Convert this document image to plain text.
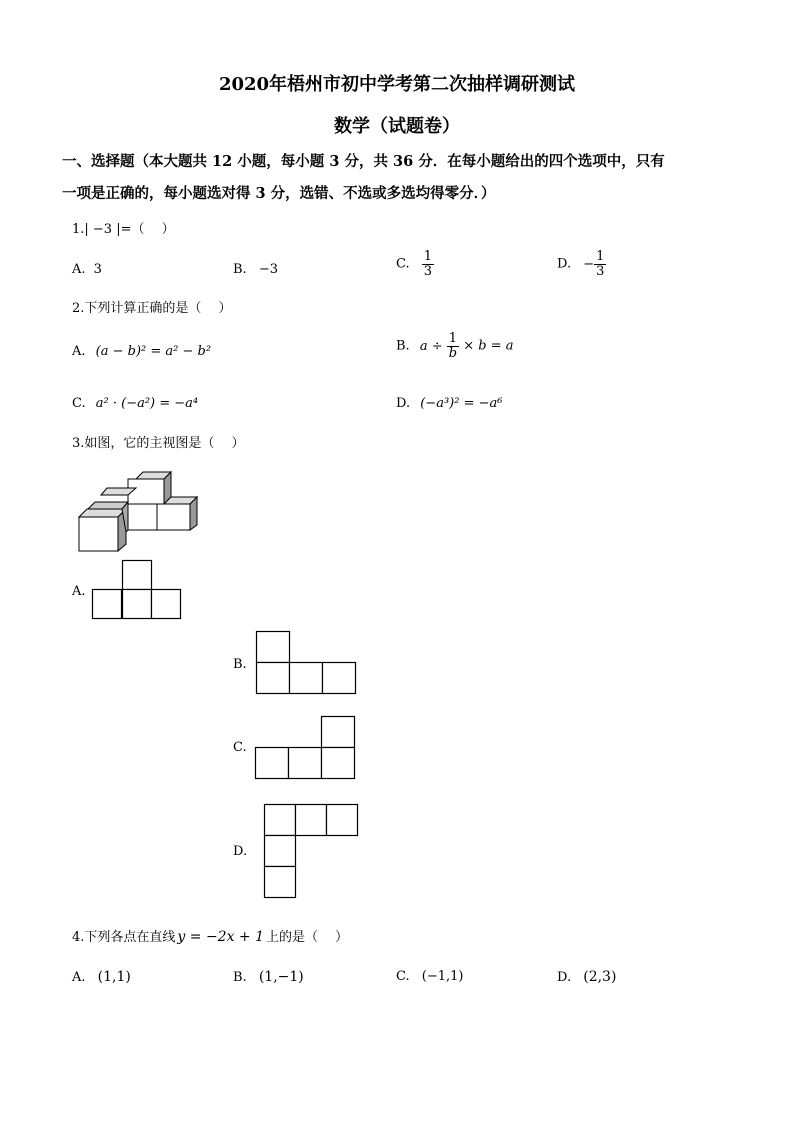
2020年梧州市初中学考第二次抽样调研测试
数学（试题卷）
一、选择题（本大题共 12 小题，每小题 3 分，共 36 分．在每小题给出的四个选项中，只有
一项是正确的，每小题选对得 3 分，选错、不选或多选均得零分．）
1.| −3 |=（　 ）
A. 3	B. −3	C. $\frac{1}{3}$	D. − $\frac{1}{3}$
2.下列计算正确的是（　 ）
A. (a − b)² = a² − b²	B. $a \div \frac{1}{b} \times b = a$
C. a² · (−a²) = −a⁴	D. (−a³)² = −a⁶
3.如图，它的主视图是（　 ）
A.
B.
C.
D.
4.下列各点在直线 y = −2x + 1 上的是（　 ）
A. (1,1)	B. (1,−1)	C. (−1,1)	D. (2,3)
